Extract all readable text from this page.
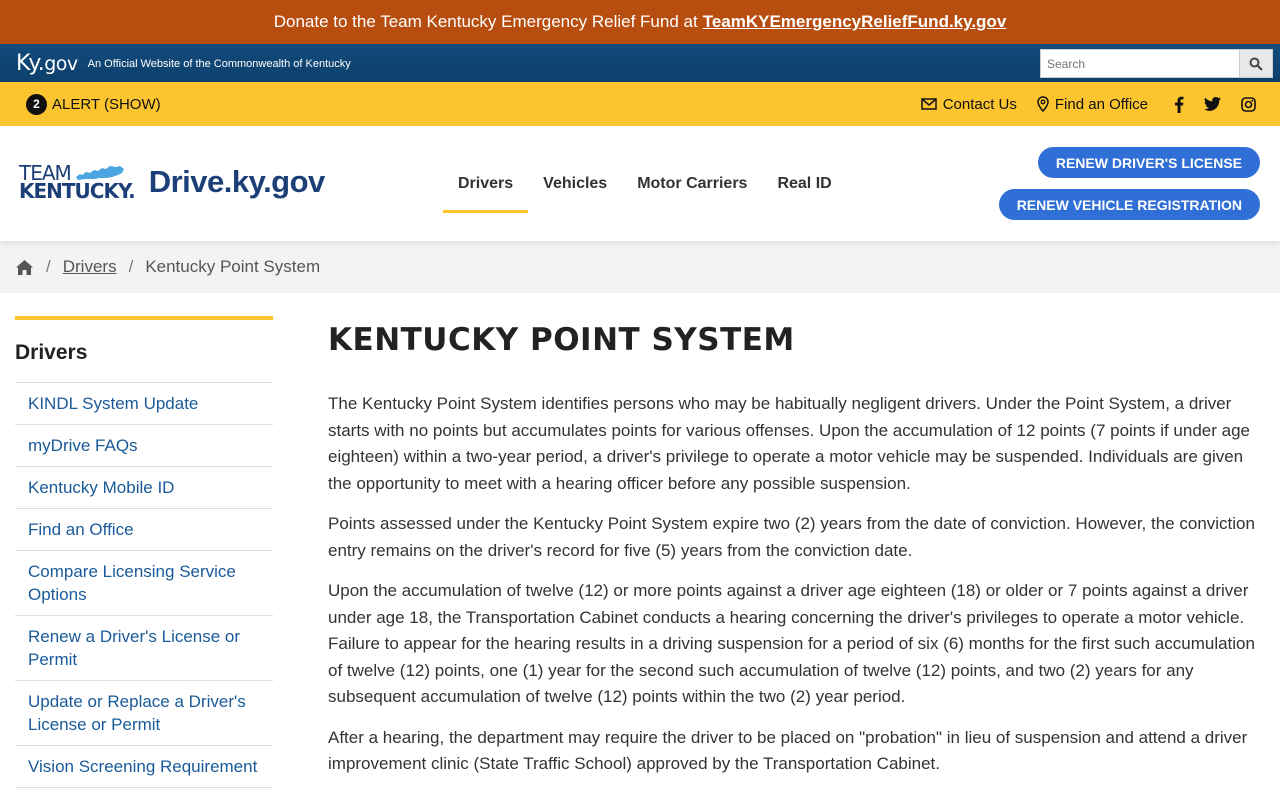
Donate to the Team Kentucky Emergency Relief Fund at TeamKYEmergencyReliefFund.ky.gov
Ky.gov An Official Website of the Commonwealth of Kentucky
Search
2 ALERT (SHOW)	Contact Us	Find an Office
TEAM
KENTUCKY. Drive.ky.gov	Drivers	Vehicles	Motor Carriers	Real ID
RENEW DRIVER'S LICENSE
RENEW VEHICLE REGISTRATION
/ Drivers / Kentucky Point System
Drivers
KINDL System Update
myDrive FAQs
Kentucky Mobile ID
Find an Office
Compare Licensing Service Options
Renew a Driver's License or Permit
Update or Replace a Driver's License or Permit
Vision Screening Requirement
KENTUCKY POINT SYSTEM

The Kentucky Point System identifies persons who may be habitually negligent drivers. Under the Point System, a driver starts with no points but accumulates points for various offenses. Upon the accumulation of 12 points (7 points if under age eighteen) within a two-year period, a driver's privilege to operate a motor vehicle may be suspended. Individuals are given the opportunity to meet with a hearing officer before any possible suspension.

Points assessed under the Kentucky Point System expire two (2) years from the date of conviction. However, the conviction entry remains on the driver's record for five (5) years from the conviction date.

Upon the accumulation of twelve (12) or more points against a driver age eighteen (18) or older or 7 points against a driver under age 18, the Transportation Cabinet conducts a hearing concerning the driver's privileges to operate a motor vehicle. Failure to appear for the hearing results in a driving suspension for a period of six (6) months for the first such accumulation of twelve (12) points, one (1) year for the second such accumulation of twelve (12) points, and two (2) years for any subsequent accumulation of twelve (12) points within the two (2) year period.

After a hearing, the department may require the driver to be placed on "probation" in lieu of suspension and attend a driver improvement clinic (State Traffic School) approved by the Transportation Cabinet.
